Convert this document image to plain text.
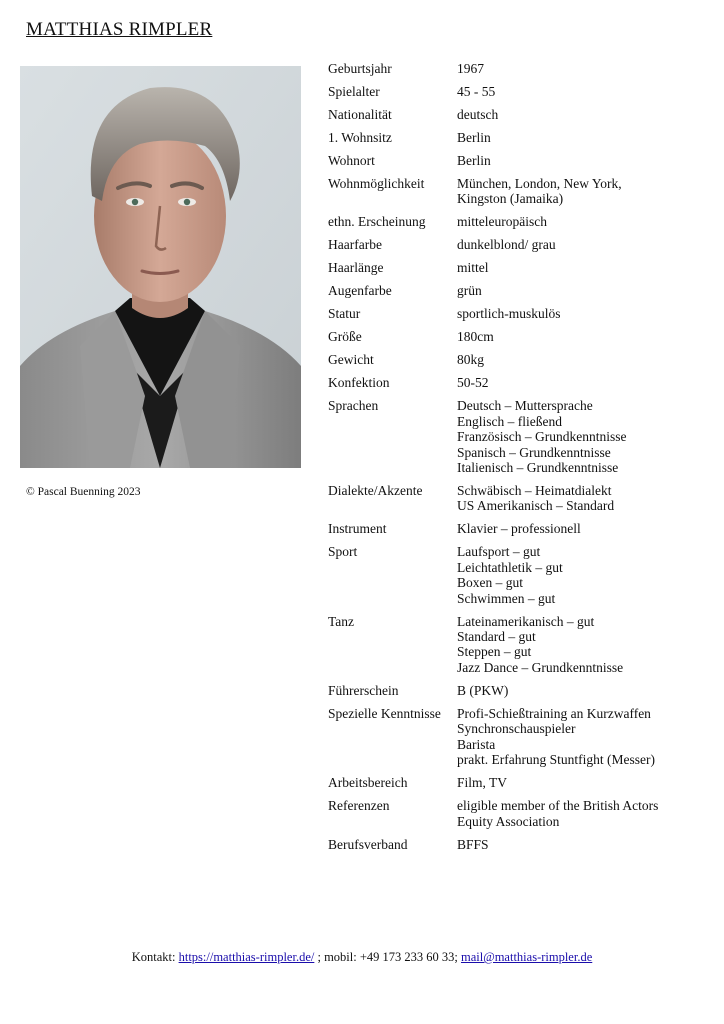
MATTHIAS RIMPLER
© Pascal Buenning 2023
Geburtsjahr	1967
Spielalter	45 - 55
Nationalität	deutsch
1. Wohnsitz	Berlin
Wohnort	Berlin
Wohnmöglichkeit	München, London, New York,
Kingston (Jamaika)
ethn. Erscheinung	mitteleuropäisch
Haarfarbe	dunkelblond/ grau
Haarlänge	mittel
Augenfarbe	grün
Statur	sportlich-muskulös
Größe	180cm
Gewicht	80kg
Konfektion	50-52
Sprachen	Deutsch – Muttersprache
Englisch – fließend
Französisch – Grundkenntnisse
Spanisch – Grundkenntnisse
Italienisch – Grundkenntnisse
Dialekte/Akzente	Schwäbisch – Heimatdialekt
US Amerikanisch – Standard
Instrument	Klavier – professionell
Sport	Laufsport – gut
Leichtathletik – gut
Boxen – gut
Schwimmen – gut
Tanz	Lateinamerikanisch – gut
Standard – gut
Steppen – gut
Jazz Dance – Grundkenntnisse
Führerschein	B (PKW)
Spezielle Kenntnisse	Profi-Schießtraining an Kurzwaffen
Synchronschauspieler
Barista
prakt. Erfahrung Stuntfight (Messer)
Arbeitsbereich	Film, TV
Referenzen	eligible member of the British Actors
Equity Association
Berufsverband	BFFS
Kontakt: https://matthias-rimpler.de/ ; mobil: +49 173 233 60 33; mail@matthias-rimpler.de
